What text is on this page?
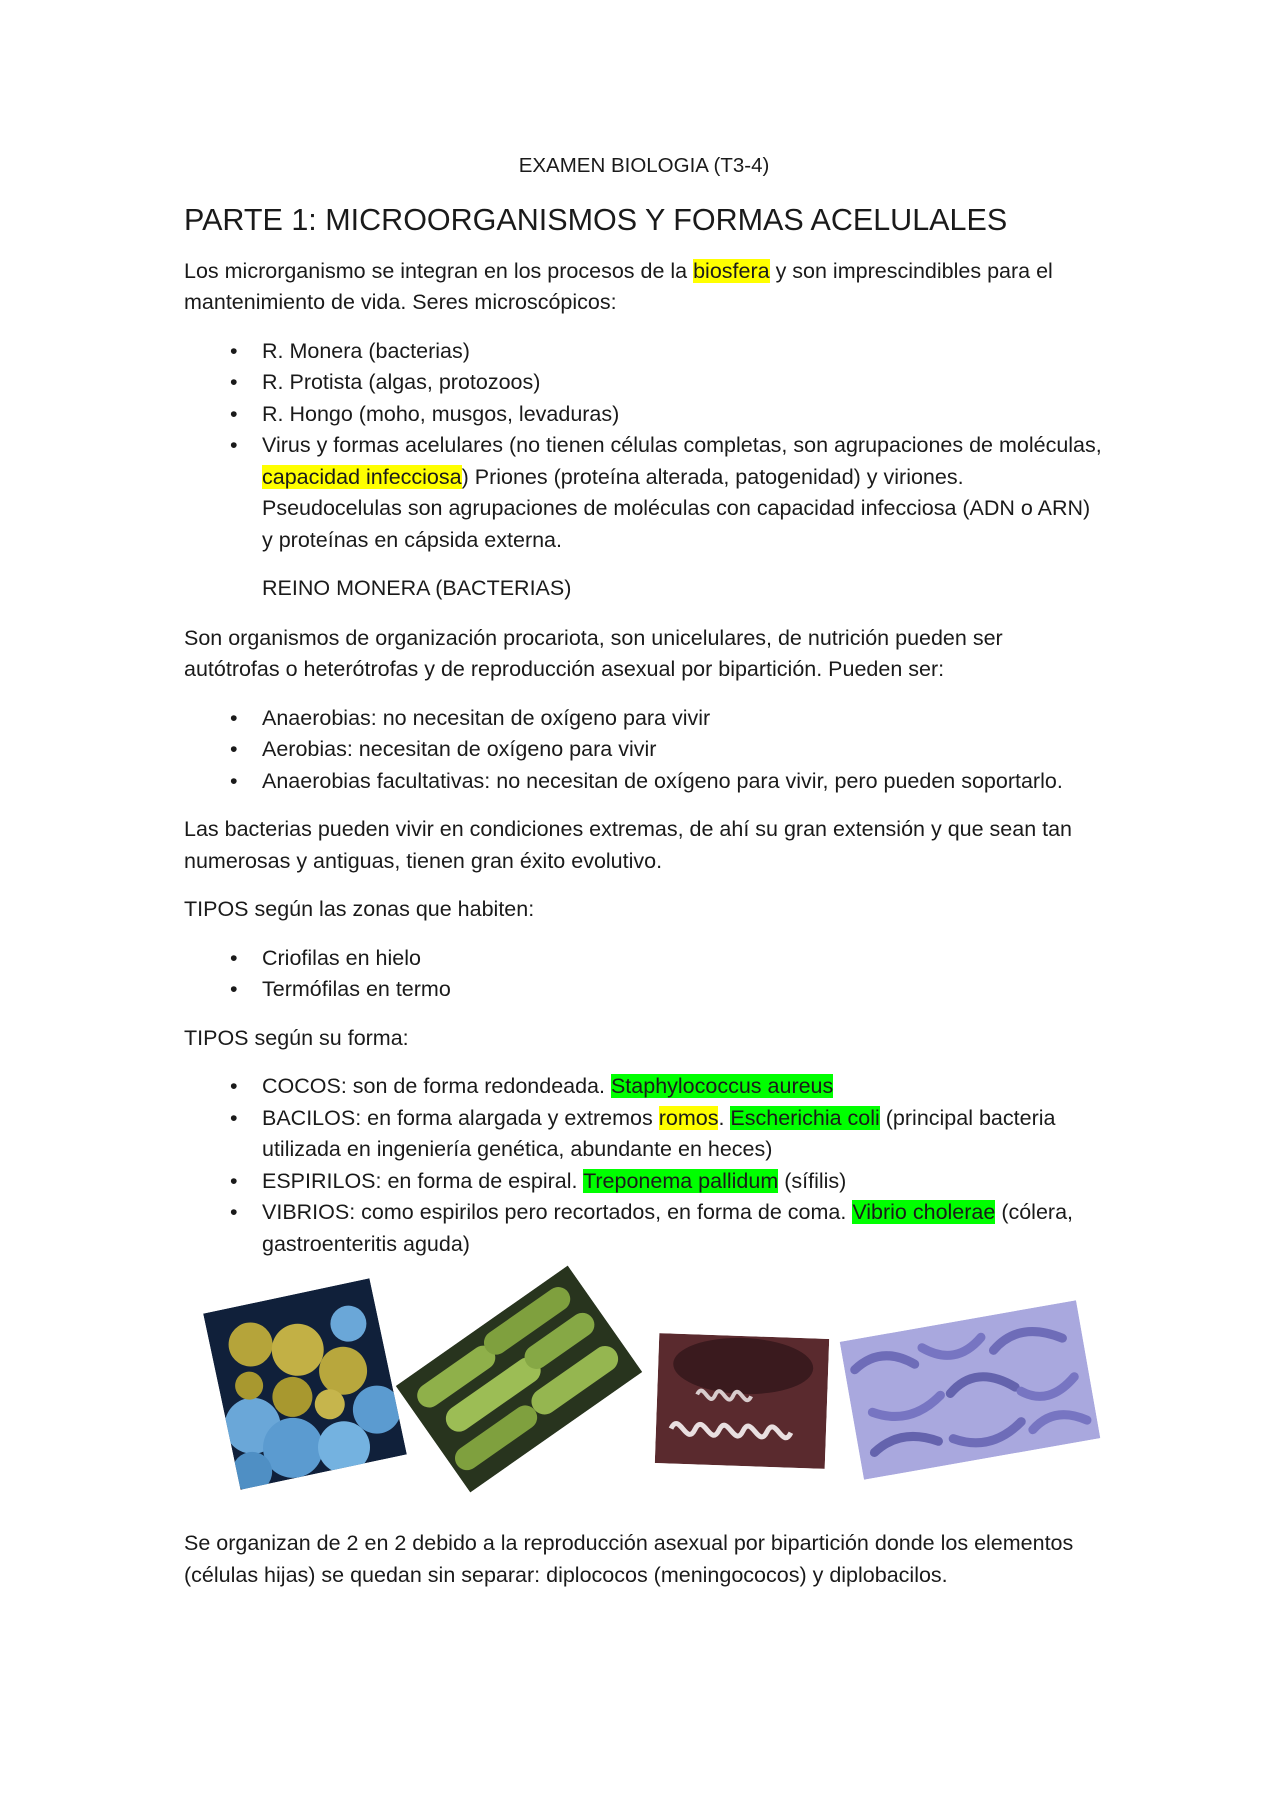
EXAMEN BIOLOGIA (T3-4)

PARTE 1: MICROORGANISMOS Y FORMAS ACELULALES

Los microrganismo se integran en los procesos de la biosfera y son imprescindibles para el mantenimiento de vida. Seres microscópicos:

• R. Monera (bacterias)
• R. Protista (algas, protozoos)
• R. Hongo (moho, musgos, levaduras)
• Virus y formas acelulares (no tienen células completas, son agrupaciones de moléculas, capacidad infecciosa) Priones (proteína alterada, patogenidad) y viriones. Pseudocelulas son agrupaciones de moléculas con capacidad infecciosa (ADN o ARN) y proteínas en cápsida externa.

REINO MONERA (BACTERIAS)

Son organismos de organización procariota, son unicelulares, de nutrición pueden ser autótrofas o heterótrofas y de reproducción asexual por bipartición. Pueden ser:

• Anaerobias: no necesitan de oxígeno para vivir
• Aerobias: necesitan de oxígeno para vivir
• Anaerobias facultativas: no necesitan de oxígeno para vivir, pero pueden soportarlo.

Las bacterias pueden vivir en condiciones extremas, de ahí su gran extensión y que sean tan numerosas y antiguas, tienen gran éxito evolutivo.

TIPOS según las zonas que habiten:

• Criofilas en hielo
• Termófilas en termo

TIPOS según su forma:

• COCOS: son de forma redondeada. Staphylococcus aureus
• BACILOS: en forma alargada y extremos romos. Escherichia coli (principal bacteria utilizada en ingeniería genética, abundante en heces)
• ESPIRILOS: en forma de espiral. Treponema pallidum (sífilis)
• VIBRIOS: como espirilos pero recortados, en forma de coma. Vibrio cholerae (cólera, gastroenteritis aguda)

Se organizan de 2 en 2 debido a la reproducción asexual por bipartición donde los elementos (células hijas) se quedan sin separar: diplococos (meningococos) y diplobacilos.
